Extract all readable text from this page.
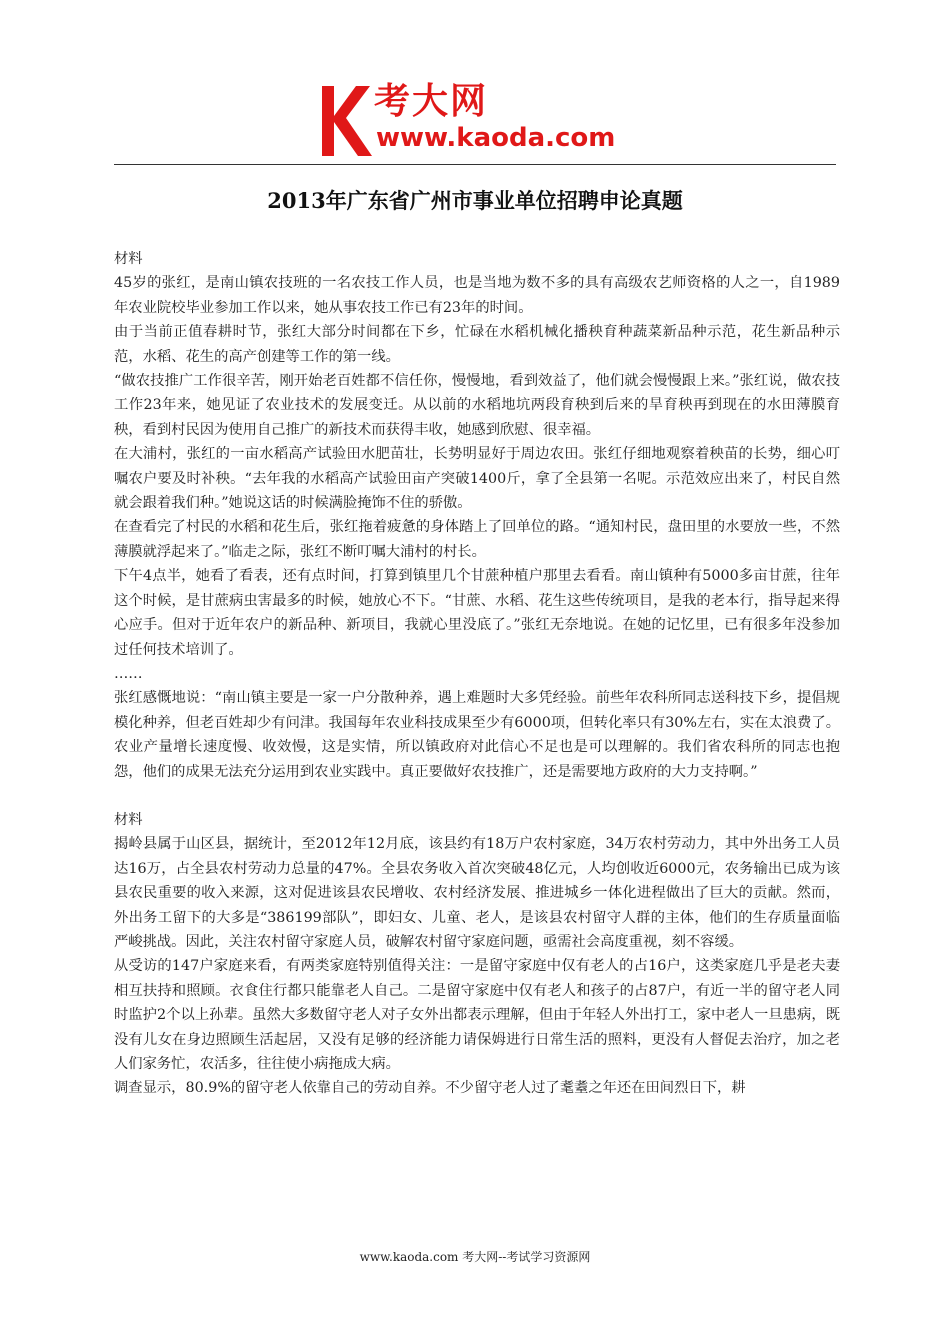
考大网
www.kaoda.com
2013年广东省广州市事业单位招聘申论真题

材料

45岁的张红，是南山镇农技班的一名农技工作人员，也是当地为数不多的具有高级农艺师资格的人之一，自1989年农业院校毕业参加工作以来，她从事农技工作已有23年的时间。

由于当前正值春耕时节，张红大部分时间都在下乡，忙碌在水稻机械化播秧育种蔬菜新品种示范，花生新品种示范，水稻、花生的高产创建等工作的第一线。

“做农技推广工作很辛苦，刚开始老百姓都不信任你，慢慢地，看到效益了，他们就会慢慢跟上来。”张红说，做农技工作23年来，她见证了农业技术的发展变迁。从以前的水稻地坑两段育秧到后来的旱育秧再到现在的水田薄膜育秧，看到村民因为使用自己推广的新技术而获得丰收，她感到欣慰、很幸福。

在大浦村，张红的一亩水稻高产试验田水肥苗壮，长势明显好于周边农田。张红仔细地观察着秧苗的长势，细心叮嘱农户要及时补秧。“去年我的水稻高产试验田亩产突破1400斤，拿了全县第一名呢。示范效应出来了，村民自然就会跟着我们种。”她说这话的时候满脸掩饰不住的骄傲。

在查看完了村民的水稻和花生后，张红拖着疲惫的身体踏上了回单位的路。“通知村民，盘田里的水要放一些，不然薄膜就浮起来了。”临走之际，张红不断叮嘱大浦村的村长。

下午4点半，她看了看表，还有点时间，打算到镇里几个甘蔗种植户那里去看看。南山镇种有5000多亩甘蔗，往年这个时候，是甘蔗病虫害最多的时候，她放心不下。“甘蔗、水稻、花生这些传统项目，是我的老本行，指导起来得心应手。但对于近年农户的新品种、新项目，我就心里没底了。”张红无奈地说。在她的记忆里，已有很多年没参加过任何技术培训了。

……

张红感慨地说：“南山镇主要是一家一户分散种养，遇上难题时大多凭经验。前些年农科所同志送科技下乡，提倡规模化种养，但老百姓却少有问津。我国每年农业科技成果至少有6000项，但转化率只有30%左右，实在太浪费了。农业产量增长速度慢、收效慢，这是实情，所以镇政府对此信心不足也是可以理解的。我们省农科所的同志也抱怨，他们的成果无法充分运用到农业实践中。真正要做好农技推广，还是需要地方政府的大力支持啊。”

材料

揭岭县属于山区县，据统计，至2012年12月底，该县约有18万户农村家庭，34万农村劳动力，其中外出务工人员达16万，占全县农村劳动力总量的47%。全县农务收入首次突破48亿元，人均创收近6000元，农务输出已成为该县农民重要的收入来源，这对促进该县农民增收、农村经济发展、推进城乡一体化进程做出了巨大的贡献。然而，外出务工留下的大多是“386199部队”，即妇女、儿童、老人，是该县农村留守人群的主体，他们的生存质量面临严峻挑战。因此，关注农村留守家庭人员，破解农村留守家庭问题，亟需社会高度重视，刻不容缓。

从受访的147户家庭来看，有两类家庭特别值得关注：一是留守家庭中仅有老人的占16户，这类家庭几乎是老夫妻相互扶持和照顾。衣食住行都只能靠老人自己。二是留守家庭中仅有老人和孩子的占87户，有近一半的留守老人同时监护2个以上孙辈。虽然大多数留守老人对子女外出都表示理解，但由于年轻人外出打工，家中老人一旦患病，既没有儿女在身边照顾生活起居，又没有足够的经济能力请保姆进行日常生活的照料，更没有人督促去治疗，加之老人们家务忙，农活多，往往使小病拖成大病。

调查显示，80.9%的留守老人依靠自己的劳动自养。不少留守老人过了耄耋之年还在田间烈日下，耕

www.kaoda.com 考大网--考试学习资源网
